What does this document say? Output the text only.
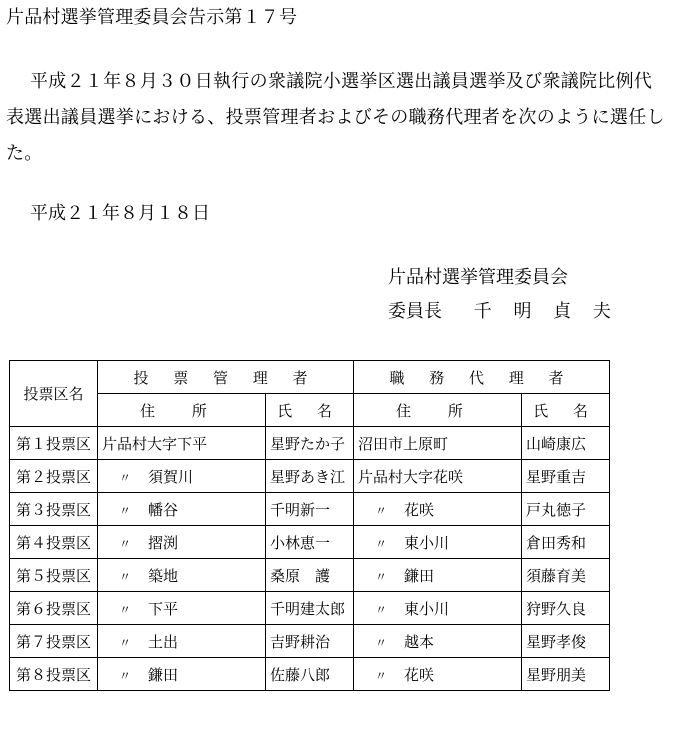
片品村選挙管理委員会告示第１７号
平成２１年８月３０日執行の衆議院小選挙区選出議員選挙及び衆議院比例代表選出議員選挙における、投票管理者およびその職務代理者を次のように選任した。
平成２１年８月１８日
片品村選挙管理委員会
委員長 千 明 貞 夫
投票区名	投 票 管 理 者		職 務 代 理 者	
	住 所	氏 名	住 所	氏 名
第１投票区	片品村大字下平	星野たか子	沼田市上原町	山崎康広
第２投票区	〃 須賀川	星野あき江	片品村大字花咲	星野重吉
第３投票区	〃 幡谷	千明新一	〃 花咲	戸丸徳子
第４投票区	〃 摺渕	小林恵一	〃 東小川	倉田秀和
第５投票区	〃 築地	桑原　護	〃 鎌田	須藤育美
第６投票区	〃 下平	千明建太郎	〃 東小川	狩野久良
第７投票区	〃 土出	吉野耕治	〃 越本	星野孝俊
第８投票区	〃 鎌田	佐藤八郎	〃 花咲	星野朋美
